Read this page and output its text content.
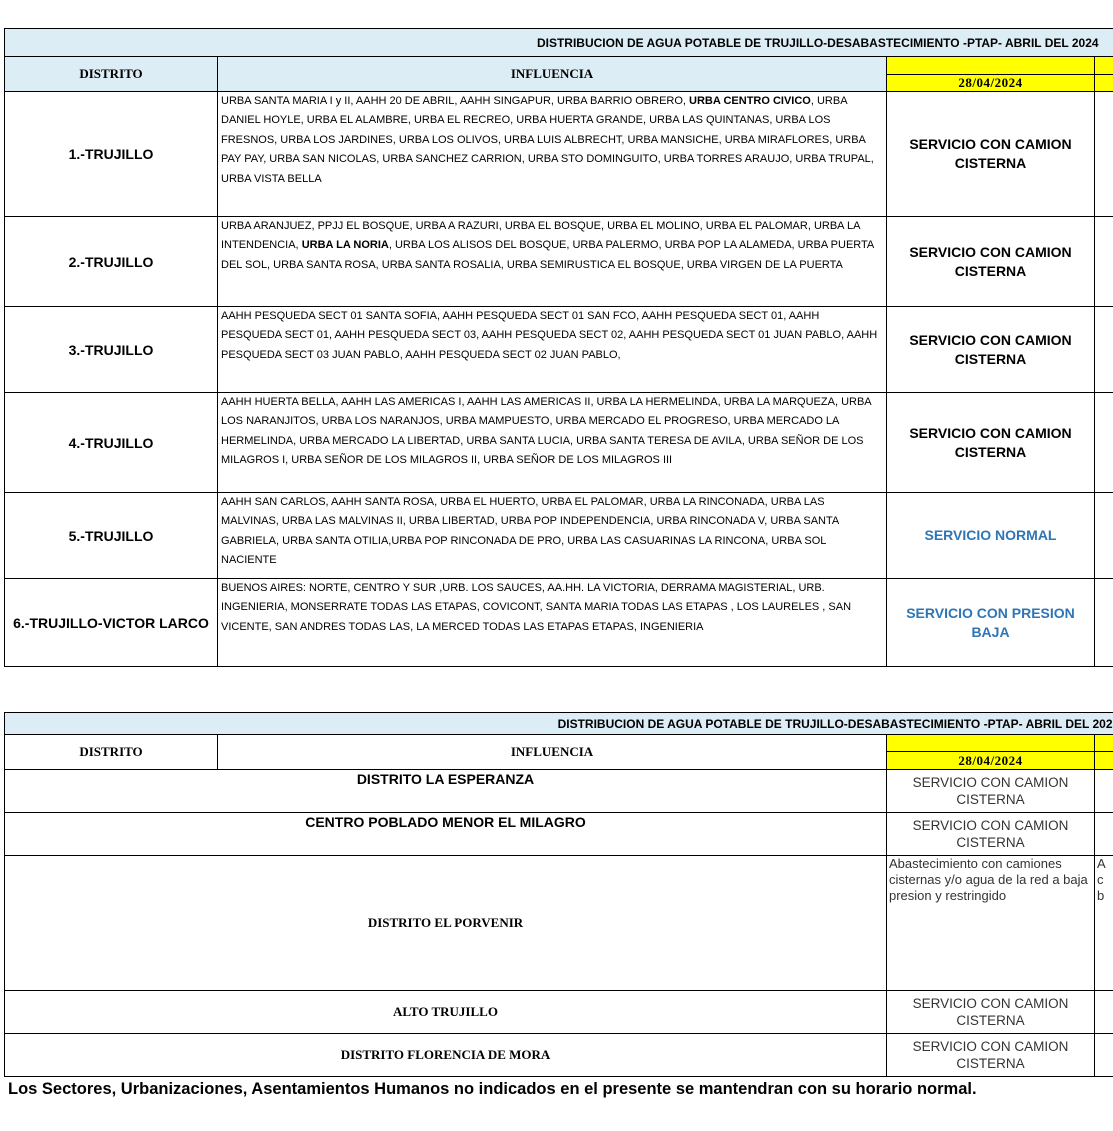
DISTRIBUCION DE AGUA POTABLE DE TRUJILLO-DESABASTECIMIENTO -PTAP- ABRIL DEL 2024			
DISTRITO	INFLUENCIA		
		28/04/2024	
1.-TRUJILLO	URBA SANTA MARIA I y II, AAHH 20 DE ABRIL, AAHH SINGAPUR, URBA BARRIO OBRERO, URBA CENTRO CIVICO, URBA DANIEL HOYLE, URBA EL ALAMBRE, URBA EL RECREO, URBA HUERTA GRANDE, URBA LAS QUINTANAS, URBA LOS FRESNOS, URBA LOS JARDINES, URBA LOS OLIVOS, URBA LUIS ALBRECHT, URBA MANSICHE, URBA MIRAFLORES, URBA PAY PAY, URBA SAN NICOLAS, URBA SANCHEZ CARRION, URBA STO DOMINGUITO, URBA TORRES ARAUJO, URBA TRUPAL, URBA VISTA BELLA	SERVICIO CON CAMION CISTERNA	
2.-TRUJILLO	URBA ARANJUEZ, PPJJ EL BOSQUE, URBA A RAZURI, URBA EL BOSQUE, URBA EL MOLINO, URBA EL PALOMAR, URBA LA INTENDENCIA, URBA LA NORIA, URBA LOS ALISOS DEL BOSQUE, URBA PALERMO, URBA POP LA ALAMEDA, URBA PUERTA DEL SOL, URBA SANTA ROSA, URBA SANTA ROSALIA, URBA SEMIRUSTICA EL BOSQUE, URBA VIRGEN DE LA PUERTA	SERVICIO CON CAMION CISTERNA	
3.-TRUJILLO	AAHH PESQUEDA SECT 01 SANTA SOFIA, AAHH PESQUEDA SECT 01 SAN FCO, AAHH PESQUEDA SECT 01, AAHH PESQUEDA SECT 01, AAHH PESQUEDA SECT 03, AAHH PESQUEDA SECT 02, AAHH PESQUEDA SECT 01 JUAN PABLO, AAHH PESQUEDA SECT 03 JUAN PABLO, AAHH PESQUEDA SECT 02 JUAN PABLO,	SERVICIO CON CAMION CISTERNA	
4.-TRUJILLO	AAHH HUERTA BELLA, AAHH LAS AMERICAS I, AAHH LAS AMERICAS II, URBA LA HERMELINDA, URBA LA MARQUEZA, URBA LOS NARANJITOS, URBA LOS NARANJOS, URBA MAMPUESTO, URBA MERCADO EL PROGRESO, URBA MERCADO LA HERMELINDA, URBA MERCADO LA LIBERTAD, URBA SANTA LUCIA, URBA SANTA TERESA DE AVILA, URBA SEÑOR DE LOS MILAGROS I, URBA SEÑOR DE LOS MILAGROS II, URBA SEÑOR DE LOS MILAGROS III	SERVICIO CON CAMION CISTERNA	
5.-TRUJILLO	AAHH SAN CARLOS, AAHH SANTA ROSA, URBA EL HUERTO, URBA EL PALOMAR, URBA LA RINCONADA, URBA LAS MALVINAS, URBA LAS MALVINAS II, URBA LIBERTAD, URBA POP INDEPENDENCIA, URBA RINCONADA V, URBA SANTA GABRIELA, URBA SANTA OTILIA,URBA POP RINCONADA DE PRO, URBA LAS CASUARINAS LA RINCONA, URBA SOL NACIENTE	SERVICIO NORMAL	
6.-TRUJILLO-VICTOR LARCO	BUENOS AIRES: NORTE, CENTRO Y SUR ,URB. LOS SAUCES, AA.HH. LA VICTORIA, DERRAMA MAGISTERIAL, URB. INGENIERIA, MONSERRATE TODAS LAS ETAPAS, COVICONT, SANTA MARIA TODAS LAS ETAPAS , LOS LAURELES , SAN VICENTE, SAN ANDRES TODAS LAS, LA MERCED TODAS LAS ETAPAS ETAPAS, INGENIERIA	SERVICIO CON PRESION BAJA	
DISTRIBUCION DE AGUA POTABLE DE TRUJILLO-DESABASTECIMIENTO -PTAP- ABRIL DEL 202			
DISTRITO	INFLUENCIA		
		28/04/2024	
DISTRITO LA ESPERANZA		SERVICIO CON CAMION CISTERNA	
CENTRO POBLADO MENOR EL MILAGRO		SERVICIO CON CAMION CISTERNA	
DISTRITO EL PORVENIR		Abastecimiento con camiones cisternas y/o agua de la red a baja presion y restringido	A
c
b
ALTO TRUJILLO		SERVICIO CON CAMION CISTERNA	
DISTRITO FLORENCIA DE MORA		SERVICIO CON CAMION CISTERNA	
Los Sectores, Urbanizaciones, Asentamientos Humanos no indicados en el presente se mantendran con su horario normal.
